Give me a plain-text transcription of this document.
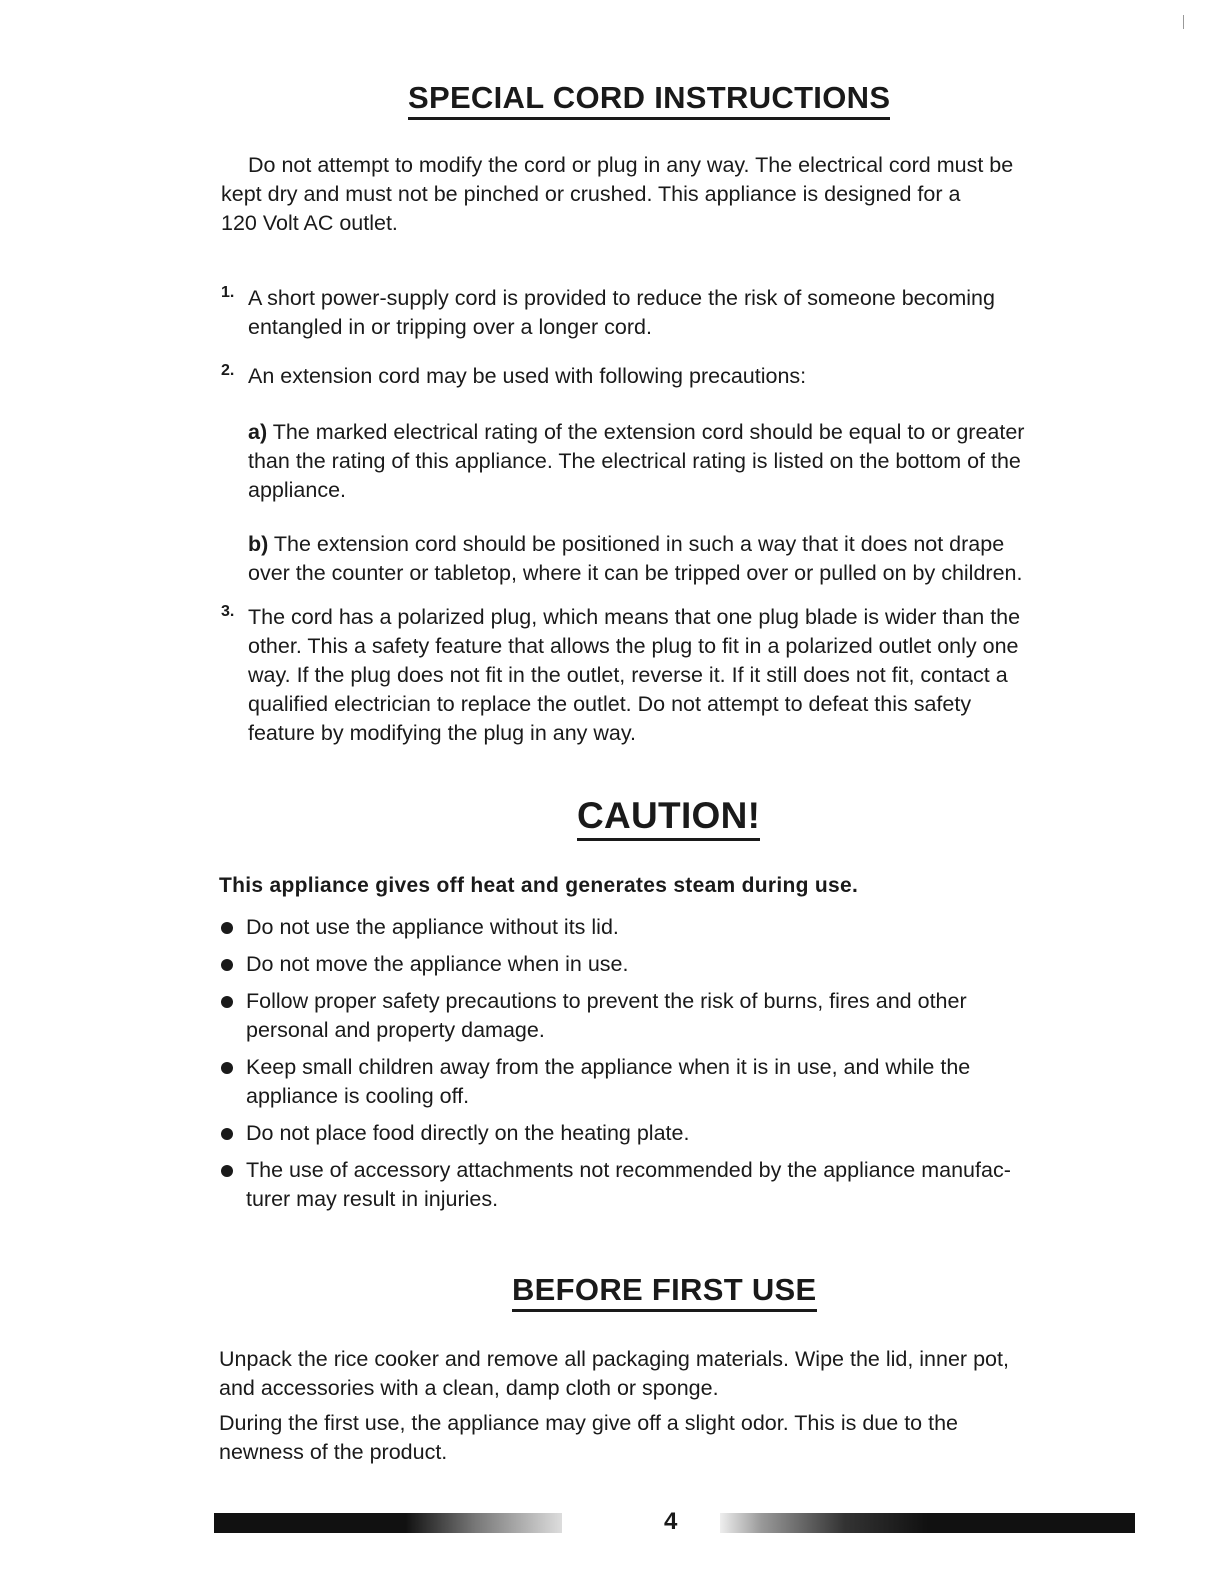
SPECIAL CORD INSTRUCTIONS

Do not attempt to modify the cord or plug in any way. The electrical cord must be

kept dry and must not be pinched or crushed. This appliance is designed for a

120 Volt AC outlet.

1. A short power-supply cord is provided to reduce the risk of someone becoming

entangled in or tripping over a longer cord.

2. An extension cord may be used with following precautions:

a) The marked electrical rating of the extension cord should be equal to or greater

than the rating of this appliance. The electrical rating is listed on the bottom of the

appliance.

b) The extension cord should be positioned in such a way that it does not drape

over the counter or tabletop, where it can be tripped over or pulled on by children.

3. The cord has a polarized plug, which means that one plug blade is wider than the

other. This a safety feature that allows the plug to fit in a polarized outlet only one

way. If the plug does not fit in the outlet, reverse it. If it still does not fit, contact a

qualified electrician to replace the outlet. Do not attempt to defeat this safety

feature by modifying the plug in any way.

CAUTION!
This appliance gives off heat and generates steam during use.
Do not use the appliance without its lid.
Do not move the appliance when in use.
Follow proper safety precautions to prevent the risk of burns, fires and other
personal and property damage.
Keep small children away from the appliance when it is in use, and while the
appliance is cooling off.
Do not place food directly on the heating plate.
The use of accessory attachments not recommended by the appliance manufac-
turer may result in injuries.
BEFORE FIRST USE

Unpack the rice cooker and remove all packaging materials. Wipe the lid, inner pot,

and accessories with a clean, damp cloth or sponge.

During the first use, the appliance may give off a slight odor. This is due to the

newness of the product.

4
